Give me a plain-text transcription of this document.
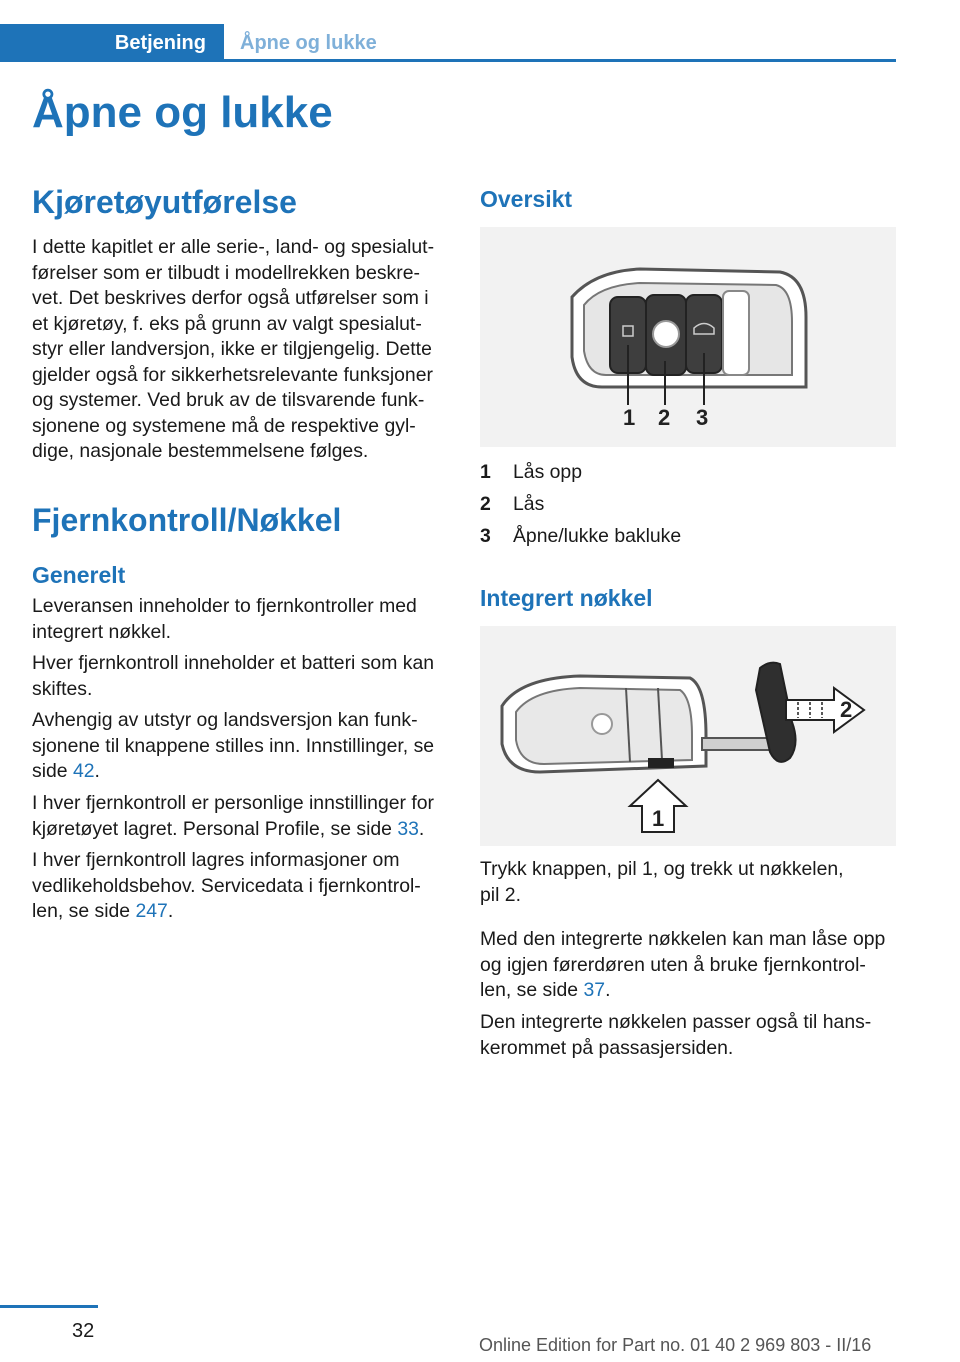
Betjening	Åpne og lukke
Åpne og lukke
Kjøretøyutførelse
I dette kapitlet er alle serie-, land- og spesialut-
førelser som er tilbudt i modellrekken beskre-
vet. Det beskrives derfor også utførelser som i
et kjøretøy, f. eks på grunn av valgt spesialut-
styr eller landversjon, ikke er tilgjengelig. Dette
gjelder også for sikkerhetsrelevante funksjoner
og systemer. Ved bruk av de tilsvarende funk-
sjonene og systemene må de respektive gyl-
dige, nasjonale bestemmelsene følges.
Fjernkontroll/Nøkkel
Generelt
Leveransen inneholder to fjernkontroller med
integrert nøkkel.
Hver fjernkontroll inneholder et batteri som kan
skiftes.
Avhengig av utstyr og landsversjon kan funk-
sjonene til knappene stilles inn. Innstillinger, se
side 42.
I hver fjernkontroll er personlige innstillinger for
kjøretøyet lagret. Personal Profile, se side 33.
I hver fjernkontroll lagres informasjoner om
vedlikeholdsbehov. Servicedata i fjernkontrol-
len, se side 247.
Oversikt
1 2 3
1 Lås opp
2 Lås
3 Åpne/lukke bakluke
Integrert nøkkel
2
1
Trykk knappen, pil 1, og trekk ut nøkkelen,
pil 2.
Med den integrerte nøkkelen kan man låse opp
og igjen førerdøren uten å bruke fjernkontrol-
len, se side 37.
Den integrerte nøkkelen passer også til hans-
kerommet på passasjersiden.
32
Online Edition for Part no. 01 40 2 969 803 - II/16
